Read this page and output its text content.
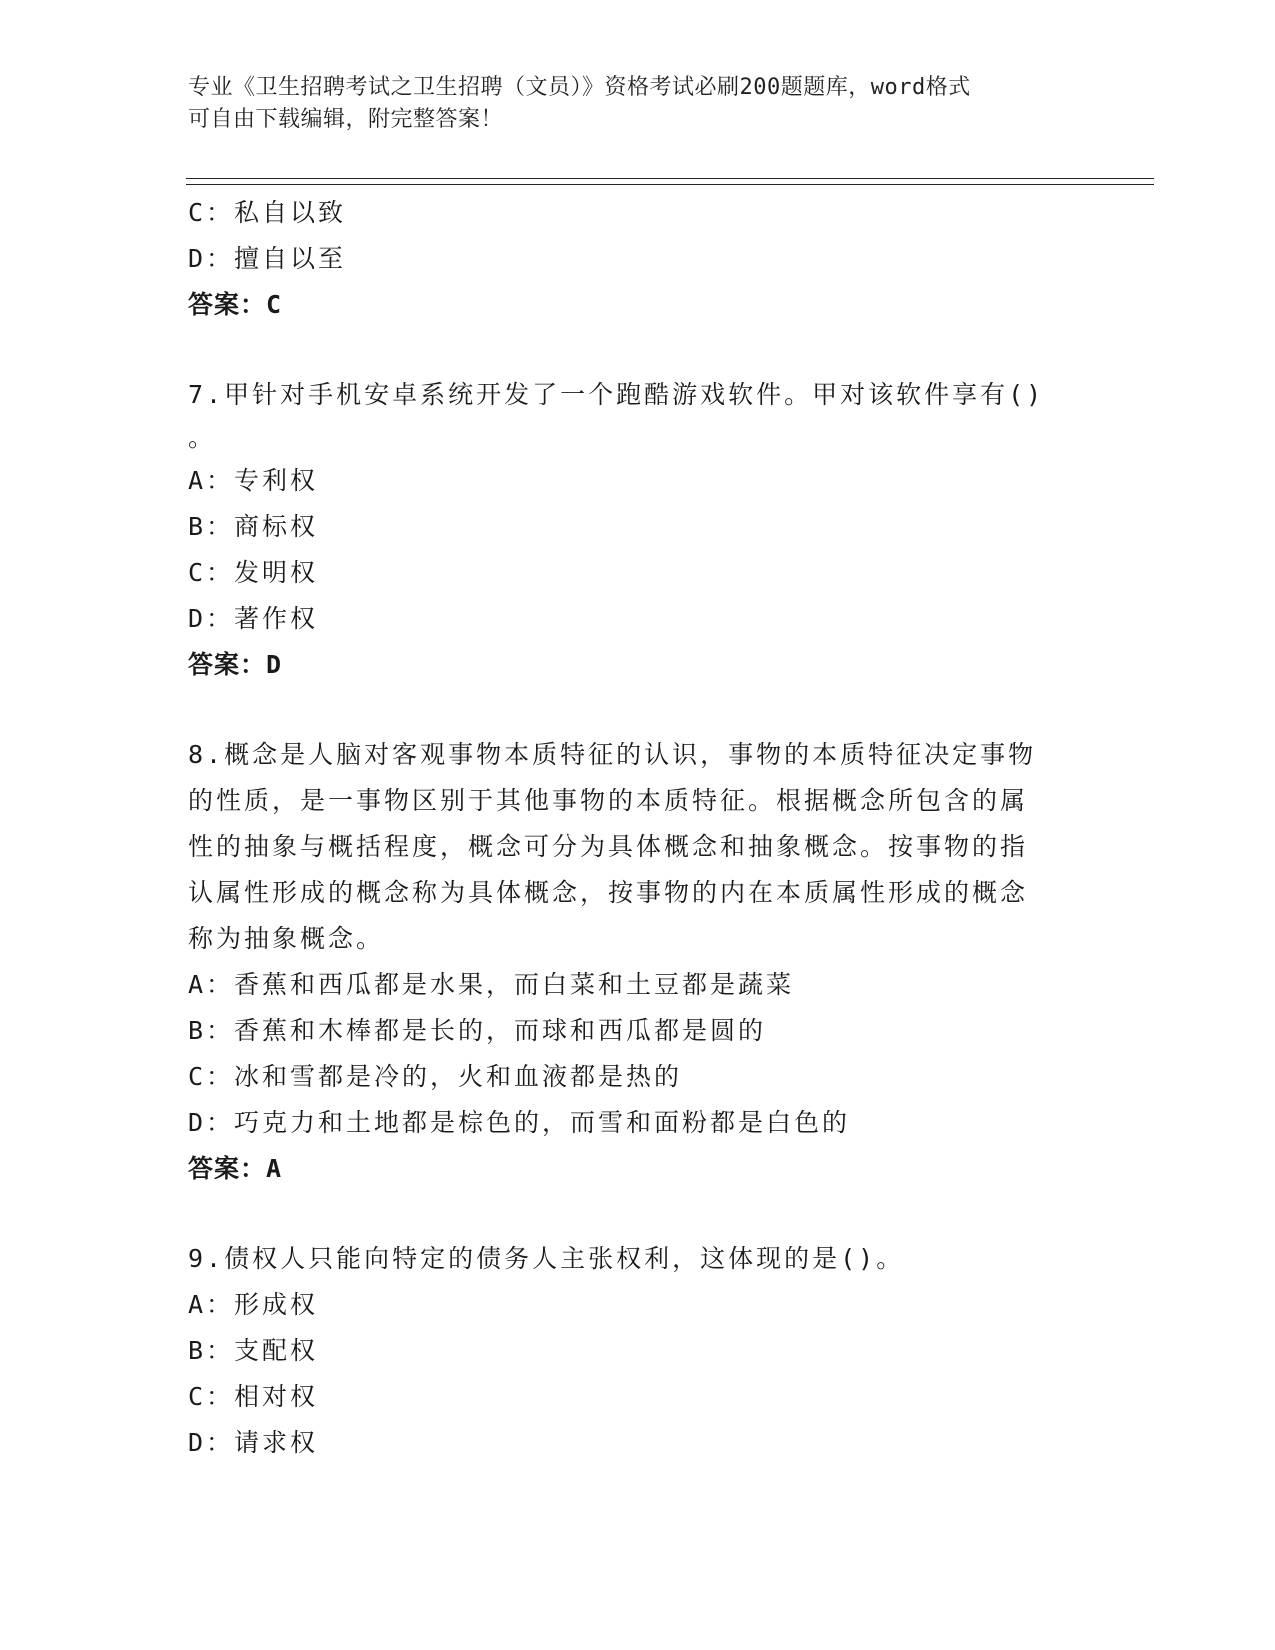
专业《卫生招聘考试之卫生招聘（文员）》资格考试必刷200题题库，word格式
可自由下载编辑，附完整答案！
C：私自以致
D：擅自以至
答案：C
7.甲针对手机安卓系统开发了一个跑酷游戏软件。甲对该软件享有()
。
A：专利权
B：商标权
C：发明权
D：著作权
答案：D
8.概念是人脑对客观事物本质特征的认识，事物的本质特征决定事物
的性质，是一事物区别于其他事物的本质特征。根据概念所包含的属
性的抽象与概括程度，概念可分为具体概念和抽象概念。按事物的指
认属性形成的概念称为具体概念，按事物的内在本质属性形成的概念
称为抽象概念。
A：香蕉和西瓜都是水果，而白菜和土豆都是蔬菜
B：香蕉和木棒都是长的，而球和西瓜都是圆的
C：冰和雪都是冷的，火和血液都是热的
D：巧克力和土地都是棕色的，而雪和面粉都是白色的
答案：A
9.债权人只能向特定的债务人主张权利，这体现的是()。
A：形成权
B：支配权
C：相对权
D：请求权
